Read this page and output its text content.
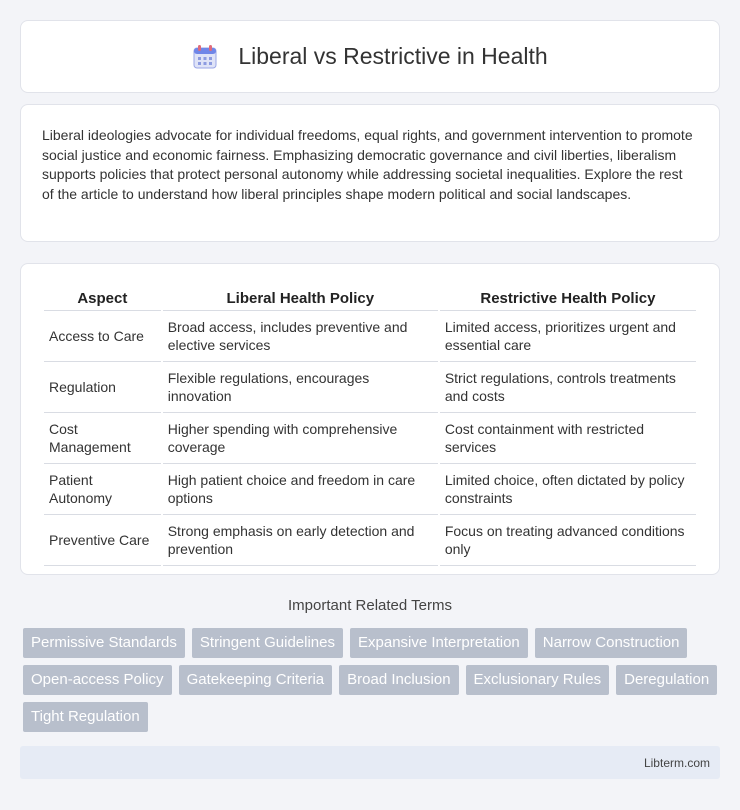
Liberal vs Restrictive in Health

Liberal ideologies advocate for individual freedoms, equal rights, and government intervention to promote social justice and economic fairness. Emphasizing democratic governance and civil liberties, liberalism supports policies that protect personal autonomy while addressing societal inequalities. Explore the rest of the article to understand how liberal principles shape modern political and social landscapes.

Aspect	Liberal Health Policy	Restrictive Health Policy
Access to Care	Broad access, includes preventive and elective services	Limited access, prioritizes urgent and essential care
Regulation	Flexible regulations, encourages innovation	Strict regulations, controls treatments and costs
Cost Management	Higher spending with comprehensive coverage	Cost containment with restricted services
Patient Autonomy	High patient choice and freedom in care options	Limited choice, often dictated by policy constraints
Preventive Care	Strong emphasis on early detection and prevention	Focus on treating advanced conditions only
Important Related Terms
Permissive Standards	Stringent Guidelines	Expansive Interpretation	Narrow Construction
Open-access Policy	Gatekeeping Criteria	Broad Inclusion	Exclusionary Rules	Deregulation
Tight Regulation
Libterm.com
